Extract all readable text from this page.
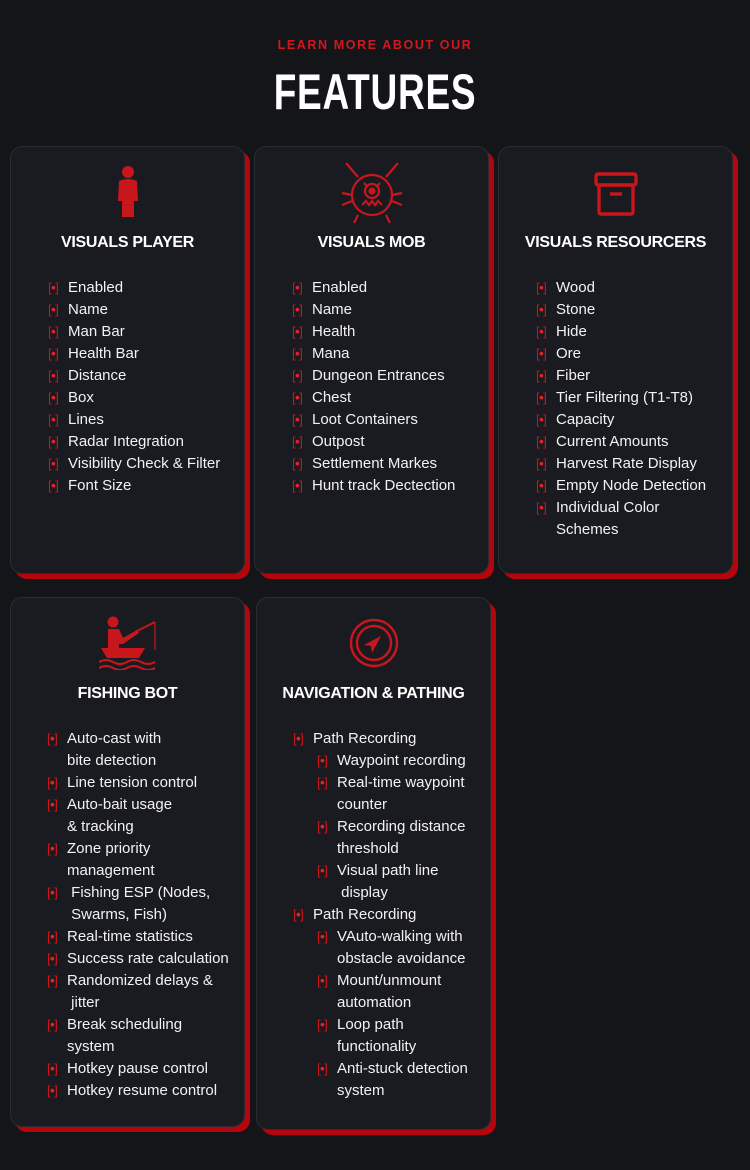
LEARN MORE ABOUT OUR
FEATURES
VISUALS PLAYER
[•] Enabled
[•] Name
[•] Man Bar
[•] Health Bar
[•] Distance
[•] Box
[•] Lines
[•] Radar Integration
[•] Visibility Check & Filter
[•] Font Size
VISUALS MOB
[•] Enabled
[•] Name
[•] Health
[•] Mana
[•] Dungeon Entrances
[•] Chest
[•] Loot Containers
[•] Outpost
[•] Settlement Markes
[•] Hunt track Dectection
VISUALS RESOURCERS
[•] Wood
[•] Stone
[•] Hide
[•] Ore
[•] Fiber
[•] Tier Filtering (T1-T8)
[•] Capacity
[•] Current Amounts
[•] Harvest Rate Display
[•] Empty Node Detection
[•] Individual Color
Schemes
FISHING BOT
[•] Auto-cast with
bite detection
[•] Line tension control
[•] Auto-bait usage
& tracking
[•] Zone priority
management
[•] Fishing ESP (Nodes,
Swarms, Fish)
[•] Real-time statistics
[•] Success rate calculation
[•] Randomized delays &
jitter
[•] Break scheduling
system
[•] Hotkey pause control
[•] Hotkey resume control
NAVIGATION & PATHING
[•] Path Recording
[•] Waypoint recording
[•] Real-time waypoint
counter
[•] Recording distance
threshold
[•] Visual path line
display
[•] Path Recording
[•] VAuto-walking with
obstacle avoidance
[•] Mount/unmount
automation
[•] Loop path
functionality
[•] Anti-stuck detection
system
